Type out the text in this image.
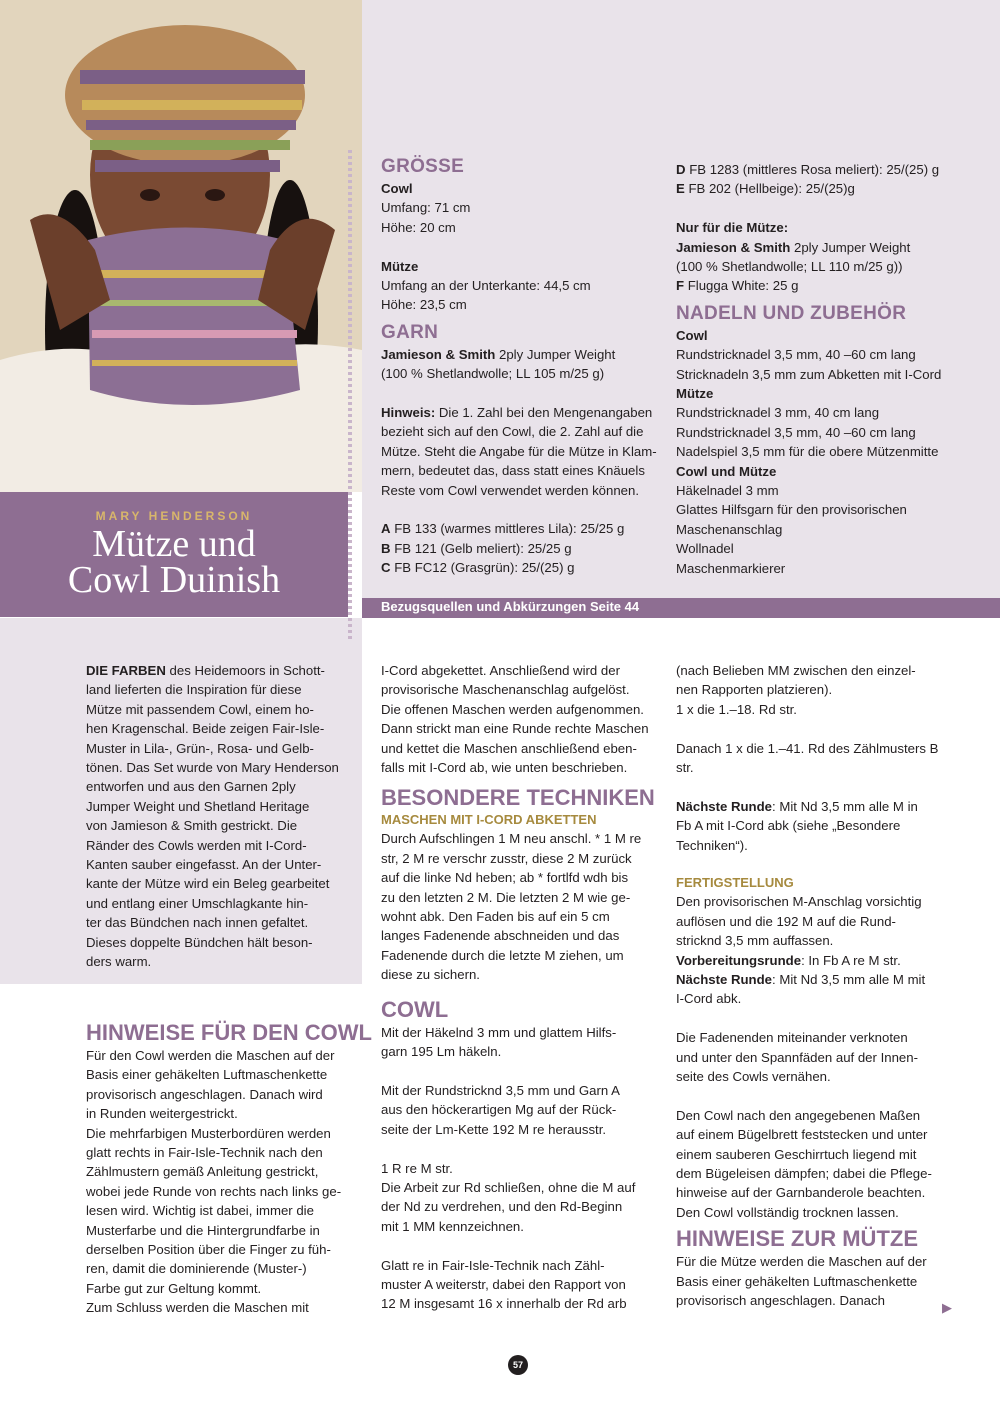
MARY HENDERSON
Mütze und
Cowl Duinish
Bezugsquellen und Abkürzungen Seite 44
GRÖSSE

Cowl

Umfang: 71 cm

Höhe: 20 cm

Mütze

Umfang an der Unterkante: 44,5 cm

Höhe: 23,5 cm

GARN

Jamieson & Smith 2ply Jumper Weight

(100 % Shetlandwolle; LL 105 m/25 g)

Hinweis: Die 1. Zahl bei den Mengenangaben

bezieht sich auf den Cowl, die 2. Zahl auf die

Mütze. Steht die Angabe für die Mütze in Klam-

mern, bedeutet das, dass statt eines Knäuels

Reste vom Cowl verwendet werden können.

A FB 133 (warmes mittleres Lila): 25/25 g

B FB 121 (Gelb meliert): 25/25 g

C FB FC12 (Grasgrün): 25/(25) g

D FB 1283 (mittleres Rosa meliert): 25/(25) g

E FB 202 (Hellbeige): 25/(25)g

Nur für die Mütze:

Jamieson & Smith 2ply Jumper Weight

(100 % Shetlandwolle; LL 110 m/25 g))

F Flugga White: 25 g

NADELN UND ZUBEHÖR

Cowl

Rundstricknadel 3,5 mm, 40 –60 cm lang

Stricknadeln 3,5 mm zum Abketten mit I-Cord

Mütze

Rundstricknadel 3 mm, 40 cm lang

Rundstricknadel 3,5 mm, 40 –60 cm lang

Nadelspiel 3,5 mm für die obere Mützenmitte

Cowl und Mütze

Häkelnadel 3 mm

Glattes Hilfsgarn für den provisorischen

Maschenanschlag

Wollnadel

Maschenmarkierer

DIE FARBEN des Heidemoors in Schott-

land lieferten die Inspiration für diese

Mütze mit passendem Cowl, einem ho-

hen Kragenschal. Beide zeigen Fair-Isle-

Muster in Lila-, Grün-, Rosa- und Gelb-

tönen. Das Set wurde von Mary Henderson

entworfen und aus den Garnen 2ply

Jumper Weight und Shetland Heritage

von Jamieson & Smith gestrickt. Die

Ränder des Cowls werden mit I-Cord-

Kanten sauber eingefasst. An der Unter-

kante der Mütze wird ein Beleg gearbeitet

und entlang einer Umschlagkante hin-

ter das Bündchen nach innen gefaltet.

Dieses doppelte Bündchen hält beson-

ders warm.

HINWEISE FÜR DEN COWL

Für den Cowl werden die Maschen auf der

Basis einer gehäkelten Luftmaschenkette

provisorisch angeschlagen. Danach wird

in Runden weitergestrickt.

Die mehrfarbigen Musterbordüren werden

glatt rechts in Fair-Isle-Technik nach den

Zählmustern gemäß Anleitung gestrickt,

wobei jede Runde von rechts nach links ge-

lesen wird. Wichtig ist dabei, immer die

Musterfarbe und die Hintergrundfarbe in

derselben Position über die Finger zu füh-

ren, damit die dominierende (Muster-)

Farbe gut zur Geltung kommt.

Zum Schluss werden die Maschen mit

I-Cord abgekettet. Anschließend wird der

provisorische Maschenanschlag aufgelöst.

Die offenen Maschen werden aufgenommen.

Dann strickt man eine Runde rechte Maschen

und kettet die Maschen anschließend eben-

falls mit I-Cord ab, wie unten beschrieben.

BESONDERE TECHNIKEN
MASCHEN MIT I-CORD ABKETTEN

Durch Aufschlingen 1 M neu anschl. * 1 M re

str, 2 M re verschr zusstr, diese 2 M zurück

auf die linke Nd heben; ab * fortlfd wdh bis

zu den letzten 2 M. Die letzten 2 M wie ge-

wohnt abk. Den Faden bis auf ein 5 cm

langes Fadenende abschneiden und das

Fadenende durch die letzte M ziehen, um

diese zu sichern.

COWL

Mit der Häkelnd 3 mm und glattem Hilfs-

garn 195 Lm häkeln.

Mit der Rundstricknd 3,5 mm und Garn A

aus den höckerartigen Mg auf der Rück-

seite der Lm-Kette 192 M re herausstr.

1 R re M str.

Die Arbeit zur Rd schließen, ohne die M auf

der Nd zu verdrehen, und den Rd-Beginn

mit 1 MM kennzeichnen.

Glatt re in Fair-Isle-Technik nach Zähl-

muster A weiterstr, dabei den Rapport von

12 M insgesamt 16 x innerhalb der Rd arb

(nach Belieben MM zwischen den einzel-

nen Rapporten platzieren).

1 x die 1.–18. Rd str.

Danach 1 x die 1.–41. Rd des Zählmusters B

str.

Nächste Runde: Mit Nd 3,5 mm alle M in

Fb A mit I-Cord abk (siehe „Besondere

Techniken“).

FERTIGSTELLUNG

Den provisorischen M-Anschlag vorsichtig

auflösen und die 192 M auf die Rund-

stricknd 3,5 mm auffassen.

Vorbereitungsrunde: In Fb A re M str.

Nächste Runde: Mit Nd 3,5 mm alle M mit

I-Cord abk.

Die Fadenenden miteinander verknoten

und unter den Spannfäden auf der Innen-

seite des Cowls vernähen.

Den Cowl nach den angegebenen Maßen

auf einem Bügelbrett feststecken und unter

einem sauberen Geschirrtuch liegend mit

dem Bügeleisen dämpfen; dabei die Pflege-

hinweise auf der Garnbanderole beachten.

Den Cowl vollständig trocknen lassen.

HINWEISE ZUR MÜTZE

Für die Mütze werden die Maschen auf der

Basis einer gehäkelten Luftmaschenkette

provisorisch angeschlagen. Danach	▶
57
